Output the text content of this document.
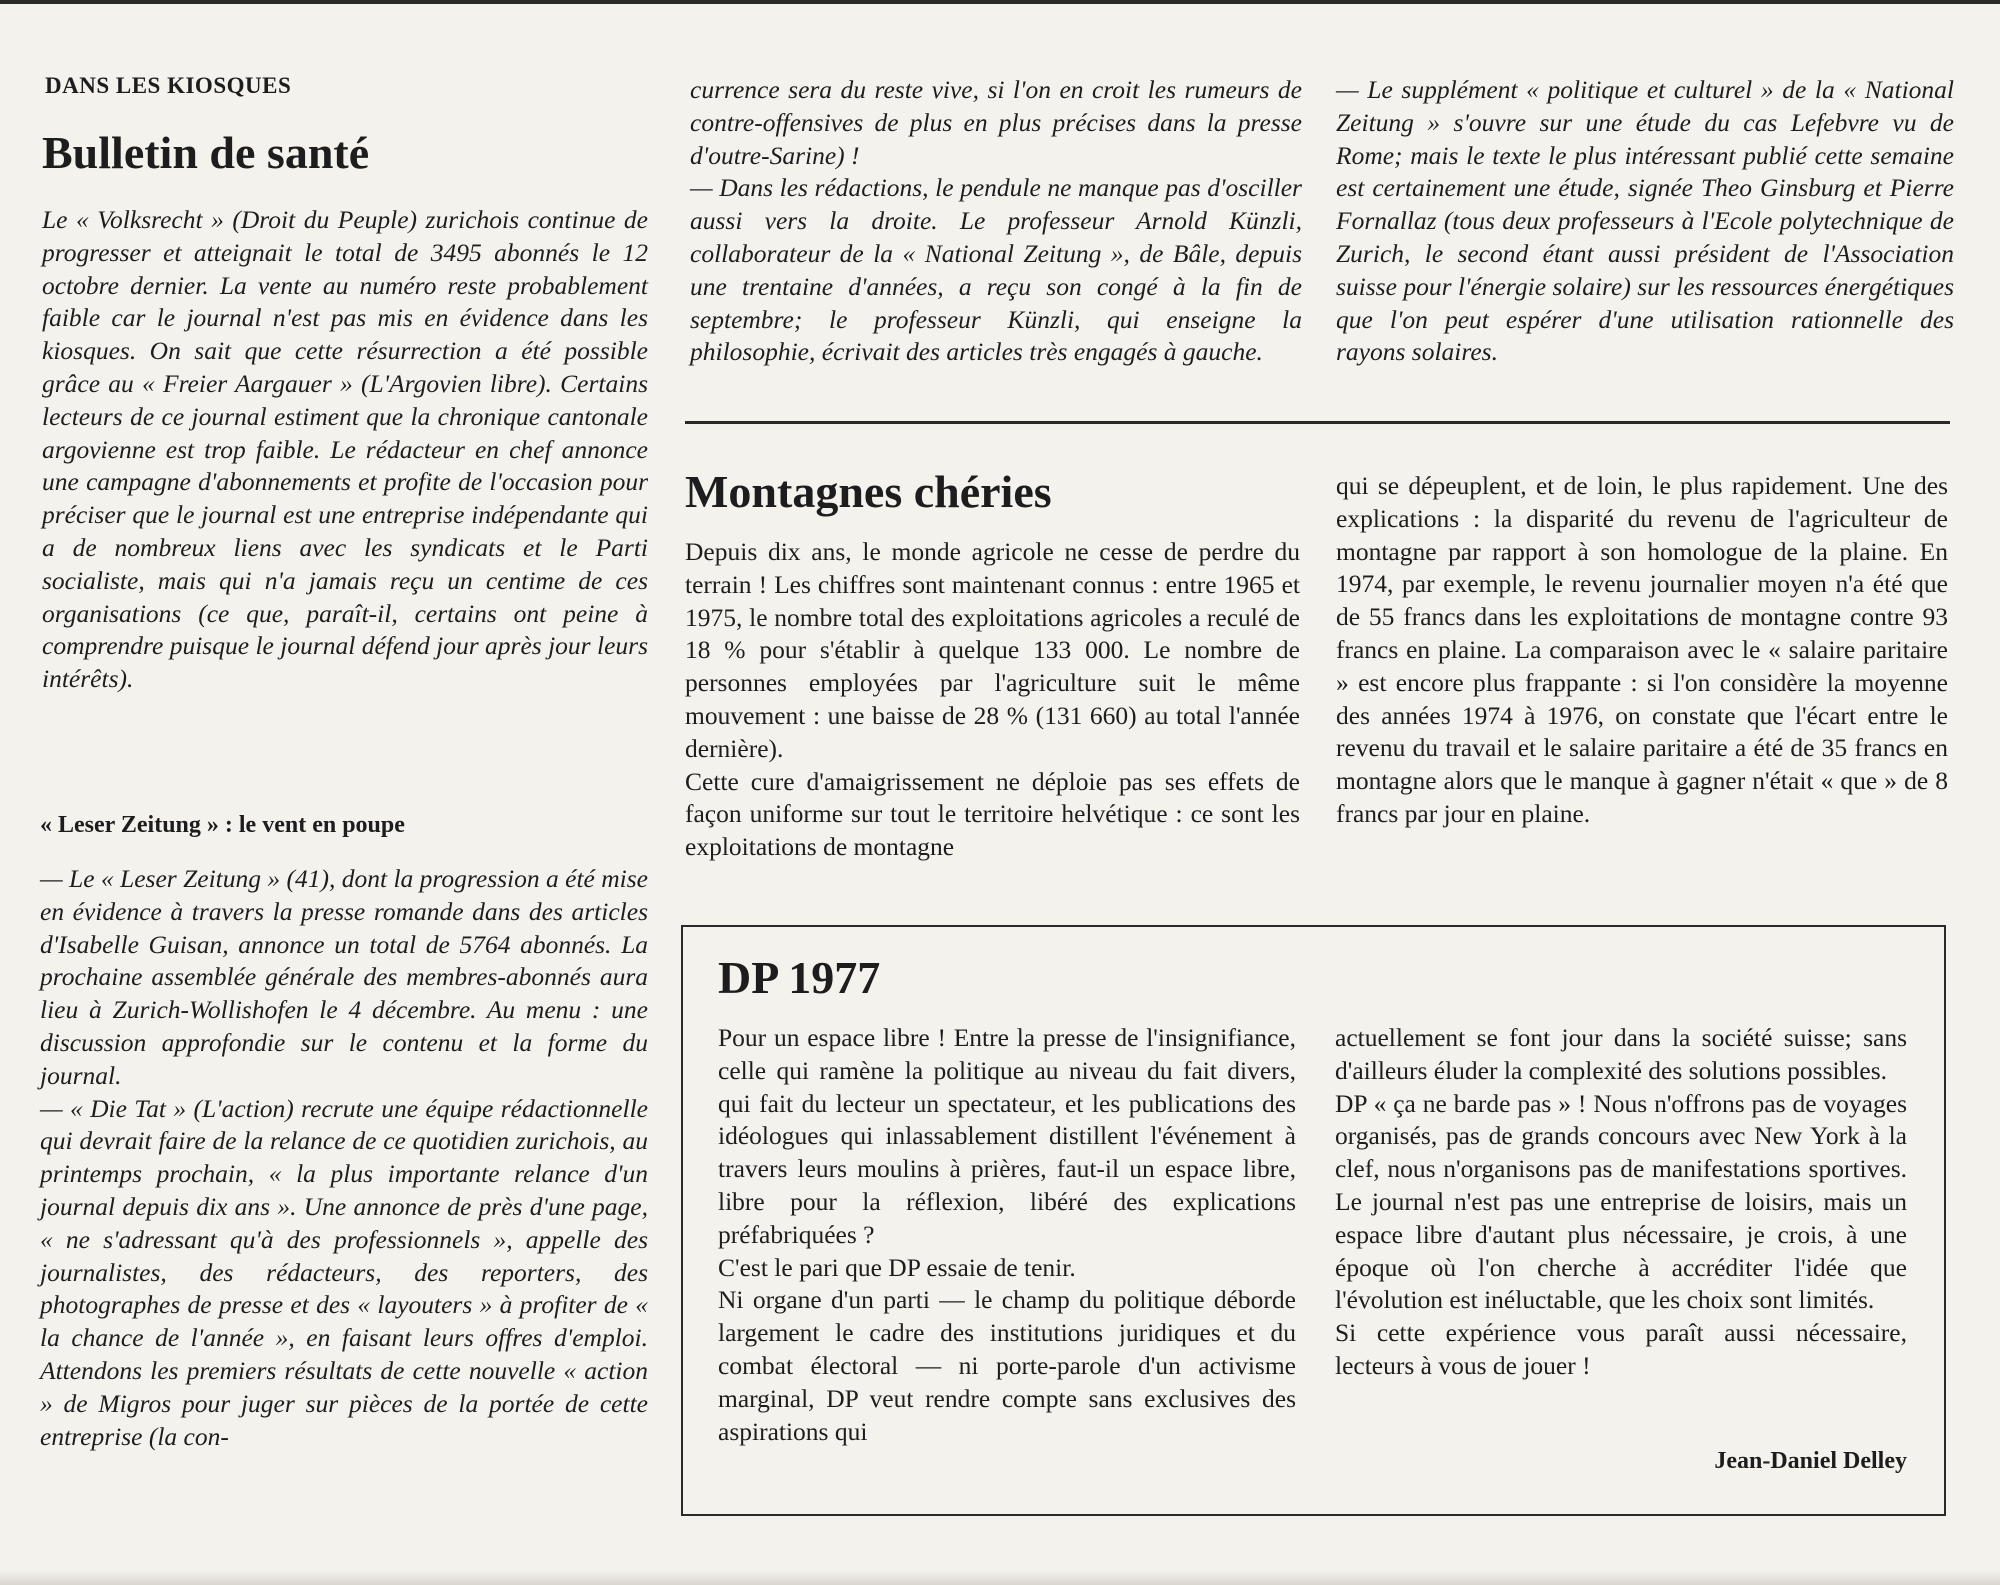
DANS LES KIOSQUES
Bulletin de santé

Le « Volksrecht » (Droit du Peuple) zurichois continue de progresser et atteignait le total de 3495 abonnés le 12 octobre dernier. La vente au numéro reste probablement faible car le journal n'est pas mis en évidence dans les kiosques. On sait que cette résurrection a été possible grâce au « Freier Aargauer » (L'Argovien libre). Certains lecteurs de ce journal estiment que la chronique cantonale argovienne est trop faible. Le rédacteur en chef annonce une campagne d'abonnements et profite de l'occasion pour préciser que le journal est une entreprise indépendante qui a de nombreux liens avec les syndicats et le Parti socialiste, mais qui n'a jamais reçu un centime de ces organisations (ce que, paraît-il, certains ont peine à comprendre puisque le journal défend jour après jour leurs intérêts).

« Leser Zeitung » : le vent en poupe

— Le « Leser Zeitung » (41), dont la progression a été mise en évidence à travers la presse romande dans des articles d'Isabelle Guisan, annonce un total de 5764 abonnés. La prochaine assemblée générale des membres-abonnés aura lieu à Zurich-Wollishofen le 4 décembre. Au menu : une discussion approfondie sur le contenu et la forme du journal.

— « Die Tat » (L'action) recrute une équipe rédactionnelle qui devrait faire de la relance de ce quotidien zurichois, au printemps prochain, « la plus importante relance d'un journal depuis dix ans ». Une annonce de près d'une page, « ne s'adressant qu'à des professionnels », appelle des journalistes, des rédacteurs, des reporters, des photographes de presse et des « layouters » à profiter de « la chance de l'année », en faisant leurs offres d'emploi. Attendons les premiers résultats de cette nouvelle « action » de Migros pour juger sur pièces de la portée de cette entreprise (la con-

currence sera du reste vive, si l'on en croit les rumeurs de contre-offensives de plus en plus précises dans la presse d'outre-Sarine) !

— Dans les rédactions, le pendule ne manque pas d'osciller aussi vers la droite. Le professeur Arnold Künzli, collaborateur de la « National Zeitung », de Bâle, depuis une trentaine d'années, a reçu son congé à la fin de septembre; le professeur Künzli, qui enseigne la philosophie, écrivait des articles très engagés à gauche.

— Le supplément « politique et culturel » de la « National Zeitung » s'ouvre sur une étude du cas Lefebvre vu de Rome; mais le texte le plus intéressant publié cette semaine est certainement une étude, signée Theo Ginsburg et Pierre Fornallaz (tous deux professeurs à l'Ecole polytechnique de Zurich, le second étant aussi président de l'Association suisse pour l'énergie solaire) sur les ressources énergétiques que l'on peut espérer d'une utilisation rationnelle des rayons solaires.

Montagnes chéries

Depuis dix ans, le monde agricole ne cesse de perdre du terrain ! Les chiffres sont maintenant connus : entre 1965 et 1975, le nombre total des exploitations agricoles a reculé de 18 % pour s'établir à quelque 133 000. Le nombre de personnes employées par l'agriculture suit le même mouvement : une baisse de 28 % (131 660) au total l'année dernière).

Cette cure d'amaigrissement ne déploie pas ses effets de façon uniforme sur tout le territoire helvétique : ce sont les exploitations de montagne

qui se dépeuplent, et de loin, le plus rapidement. Une des explications : la disparité du revenu de l'agriculteur de montagne par rapport à son homologue de la plaine. En 1974, par exemple, le revenu journalier moyen n'a été que de 55 francs dans les exploitations de montagne contre 93 francs en plaine. La comparaison avec le « salaire paritaire » est encore plus frappante : si l'on considère la moyenne des années 1974 à 1976, on constate que l'écart entre le revenu du travail et le salaire paritaire a été de 35 francs en montagne alors que le manque à gagner n'était « que » de 8 francs par jour en plaine.

DP 1977

Pour un espace libre ! Entre la presse de l'insignifiance, celle qui ramène la politique au niveau du fait divers, qui fait du lecteur un spectateur, et les publications des idéologues qui inlassablement distillent l'événement à travers leurs moulins à prières, faut-il un espace libre, libre pour la réflexion, libéré des explications préfabriquées ?

C'est le pari que DP essaie de tenir.

Ni organe d'un parti — le champ du politique déborde largement le cadre des institutions juridiques et du combat électoral — ni porte-parole d'un activisme marginal, DP veut rendre compte sans exclusives des aspirations qui

actuellement se font jour dans la société suisse; sans d'ailleurs éluder la complexité des solutions possibles.

DP « ça ne barde pas » ! Nous n'offrons pas de voyages organisés, pas de grands concours avec New York à la clef, nous n'organisons pas de manifestations sportives. Le journal n'est pas une entreprise de loisirs, mais un espace libre d'autant plus nécessaire, je crois, à une époque où l'on cherche à accréditer l'idée que l'évolution est inéluctable, que les choix sont limités.

Si cette expérience vous paraît aussi nécessaire, lecteurs à vous de jouer !

Jean-Daniel Delley
